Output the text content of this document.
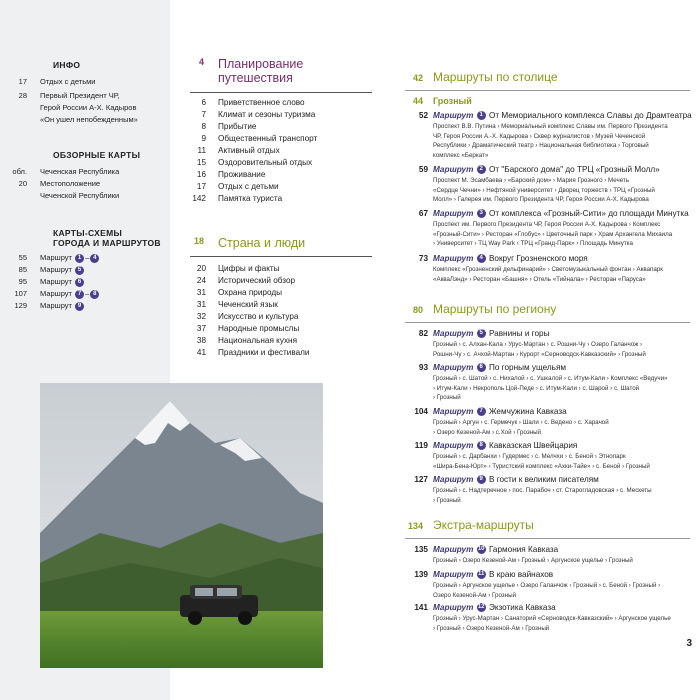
ИНФО
17	Отдых с детьми
28	Первый Президент ЧР,
Герой России А-Х. Кадыров
«Он ушел непобежденным»
ОБЗОРНЫЕ КАРТЫ
обл.	Чеченская Республика
20	Местоположение
Чеченской Республики
КАРТЫ-СХЕМЫ
ГОРОДА И МАРШРУТОВ
55	Маршрут 1 – 4
85	Маршрут 5
95	Маршрут 6
107	Маршрут 7 – 8
129	Маршрут 9
4	Планирование
путешествия
6	Приветственное слово
7	Климат и сезоны туризма
8	Прибытие
9	Общественный транспорт
11	Активный отдых
15	Оздоровительный отдых
16	Проживание
17	Отдых с детьми
142	Памятка туриста
18	Страна и люди
20	Цифры и факты
24	Исторический обзор
31	Охрана природы
31	Чеченский язык
32	Искусство и культура
37	Народные промыслы
38	Национальная кухня
41	Праздники и фестивали
42 Маршруты по столице
44	Грозный
52 Маршрут 1 От Мемориального комплекса Славы до Драмтеатра
Проспект В.В. Путина › Мемориальный комплекс Славы им. Первого Президента
ЧР, Героя России А.-Х. Кадырова › Сквер журналистов › Музей Чеченской
Республики › Драматический театр › Национальная библиотека › Торговый
комплекс «Беркат»
59 Маршрут 2 От "Барского дома" до ТРЦ «Грозный Молл»
Проспект М. Эсамбаева › «Барский дом» › Мария Грозного › Мечеть
«Сердце Чечни» › Нефтяной университет › Дворец торжеств › ТРЦ «Грозный
Молл» › Галерея им. Первого Президента ЧР, Героя России А-Х. Кадырова
67 Маршрут 3 От комплекса «Грозный-Сити» до площади Минутка
Проспект им. Первого Президента ЧР, Героя России А-Х. Кадырова › Комплекс
«Грозный-Сити» › Ресторан «Глобус» › Цветочный парк › Храм Архангела Михаила
› Университет › ТЦ Way Park › ТРЦ «Гранд-Парк» › Площадь Минутка
73 Маршрут 4 Вокруг Грозненского моря
Комплекс «Грозненский дельфинарий» › Светомузыкальный фонтан › Аквапарк
«АкваЛэнд» › Ресторан «Башня» › Отель «Тийнала» › Ресторан «Паруса»
80 Маршруты по региону
82 Маршрут 5 Равнины и горы
Грозный › с. Алхан-Кала › Урус-Мартан › с. Рошни-Чу › Озеро Галанчож ›
Рошни-Чу › с. Ачхой-Мартан › Курорт «Серноводск-Кавказский» › Грозный
93 Маршрут 6 По горным ущельям
Грозный › с. Шатой › с. Нихалой › с. Ушкалой › с. Итум-Кали › Комплекс «Ведучи»
› Итум-Кали › Некрополь Цой-Педе › с. Итум-Кали › с. Шарой › с. Шатой
› Грозный
104 Маршрут 7 Жемчужина Кавказа
Грозный › Аргун › с. Гермечук › Шали › с. Ведено › с. Харачой
› Озеро Кезеной-Ам › с.Хой › Грозный
119 Маршрут 8 Кавказская Швейцария
Грозный › с. Дарбанхи › Гудермес › с. Мелчхи › с. Беной › Этнопарк
«Шира-Бена-Юрт» › Туристский комплекс «Ахки-Тайе» › с. Беной › Грозный
127 Маршрут 9 В гости к великим писателям
Грозный › с. Надтеречное › пос. Парабоч › ст. Старогладовская › с. Мескеты
› Грозный
134 Экстра-маршруты
135 Маршрут 10 Гармония Кавказа
Грозный › Озеро Кезеной-Ам › Грозный › Аргунское ущелье › Грозный
139 Маршрут 11 В краю вайнахов
Грозный › Аргунское ущелье › Озеро Галанчож › Грозный › с. Беной › Грозный ›
Озеро Кезеной-Ам › Грозный
141 Маршрут 12 Экзотика Кавказа
Грозный › Урус-Мартан › Санаторий «Серноводск-Кавказский» › Аргунское ущелье
› Грозный › Озеро Кезеной-Ам › Грозный
3
